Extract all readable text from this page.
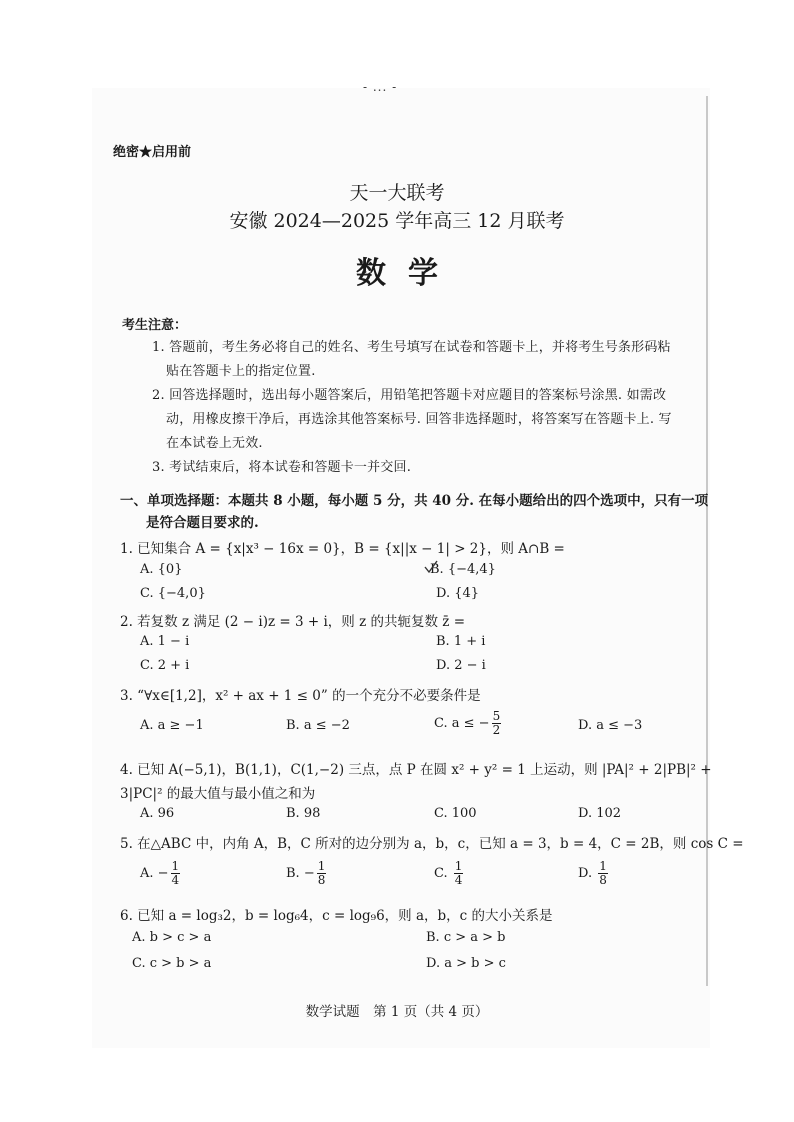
- ... -
绝密★启用前
天一大联考
安徽 2024—2025 学年高三 12 月联考
数学
考生注意：
1. 答题前，考生务必将自己的姓名、考生号填写在试卷和答题卡上，并将考生号条形码粘
贴在答题卡上的指定位置.
2. 回答选择题时，选出每小题答案后，用铅笔把答题卡对应题目的答案标号涂黑. 如需改
动，用橡皮擦干净后，再选涂其他答案标号. 回答非选择题时，将答案写在答题卡上. 写
在本试卷上无效.
3. 考试结束后，将本试卷和答题卡一并交回.
一、单项选择题：本题共 8 小题，每小题 5 分，共 40 分. 在每小题给出的四个选项中，只有一项
是符合题目要求的.
1. 已知集合 A = {x|x³ − 16x = 0}，B = {x||x − 1| > 2}，则 A∩B =
A. {0}	B. {−4,4}
C. {−4,0}	D. {4}
2. 若复数 z 满足 (2 − i)z = 3 + i，则 z 的共轭复数 z̄ =
A. 1 − i	B. 1 + i
C. 2 + i	D. 2 − i
3. “∀x∈[1,2]，x² + ax + 1 ≤ 0” 的一个充分不必要条件是
A. a ≥ −1	B. a ≤ −2	C. a ≤ − $\frac{5}{2}$	D. a ≤ −3
4. 已知 A(−5,1)，B(1,1)，C(1,−2) 三点，点 P 在圆 x² + y² = 1 上运动，则 |PA|² + 2|PB|² +
3|PC|² 的最大值与最小值之和为
A. 96	B. 98	C. 100	D. 102
5. 在△ABC 中，内角 A，B，C 所对的边分别为 a，b，c，已知 a = 3，b = 4，C = 2B，则 cos C =
A. − $\frac{1}{4}$	B. − $\frac{1}{8}$	C. $\frac{1}{4}$	D. $\frac{1}{8}$
6. 已知 a = log₃2，b = log₆4，c = log₉6，则 a，b，c 的大小关系是
A. b > c > a	B. c > a > b
C. c > b > a	D. a > b > c
数学试题　第 1 页（共 4 页）
